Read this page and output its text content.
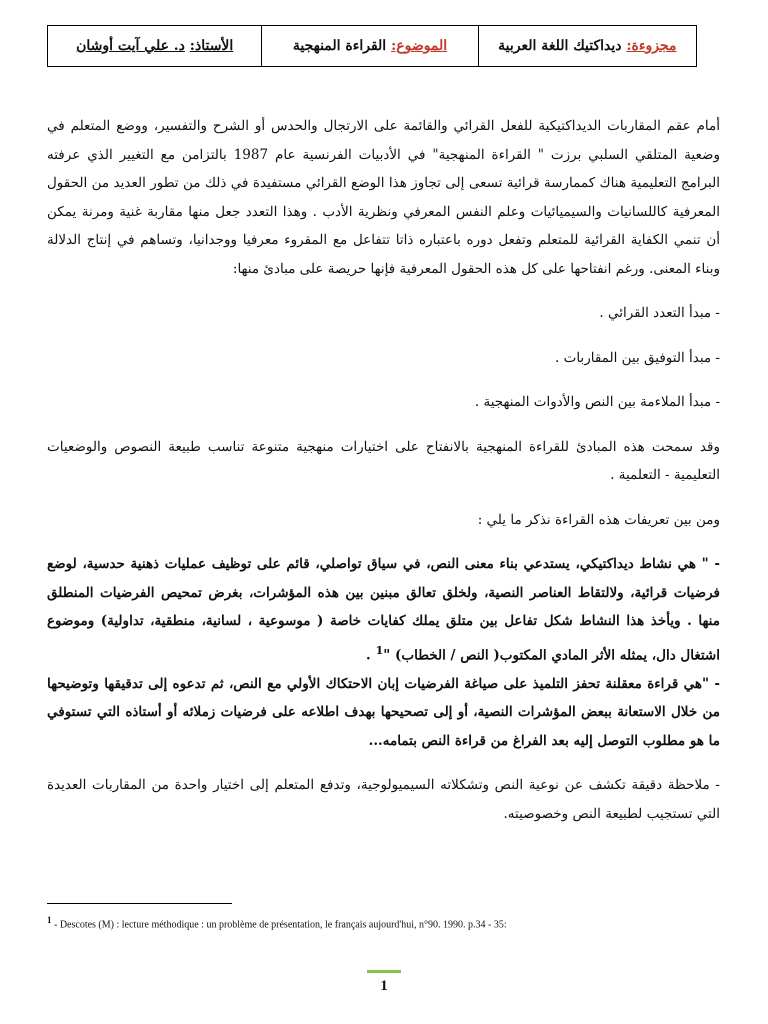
مجزوءة:

ديداكتيك اللغة العربية
الموضوع:

القراءة المنهجية
الأستاذ:

د. علي آيت أوشان

أمام عقم المقاربات الديداكتيكية للفعل القرائي والقائمة على الارتجال والحدس أو الشرح والتفسير، ووضع المتعلم في وضعية المتلقي السلبي برزت " القراءة المنهجية" في الأدبيات الفرنسية عام 1987 بالتزامن مع التغيير الذي عرفته البرامج التعليمية هناك كممارسة قرائية تسعى إلى تجاوز هذا الوضع القرائي مستفيدة في ذلك من تطور العديد من الحقول المعرفية كاللسانيات والسيميائيات وعلم النفس المعرفي ونظرية الأدب . وهذا التعدد جعل منها مقاربة غنية ومرنة يمكن أن تنمي الكفاية القرائية للمتعلم وتفعل دوره باعتباره ذاتا تتفاعل مع المقروء معرفيا ووجدانيا، وتساهم في إنتاج الدلالة وبناء المعنى. ورغم انفتاحها على كل هذه الحقول المعرفية فإنها حريصة على مبادئ منها:

- مبدأ التعدد القرائي .

- مبدأ التوفيق بين المقاربات .

- مبدأ الملاءمة بين النص والأدوات المنهجية .

وقد سمحت هذه المبادئ للقراءة المنهجية بالانفتاح على اختيارات منهجية متنوعة تناسب طبيعة النصوص والوضعيات التعليمية - التعلمية .

ومن بين تعريفات هذه القراءة نذكر ما يلي :

- " هي نشاط ديداكتيكي، يستدعي بناء معنى النص، في سياق تواصلي، قائم على توظيف عمليات ذهنية حدسية، لوضع فرضيات قرائية، ولالتقاط العناصر النصية، ولخلق تعالق مبنين بين هذه المؤشرات، بغرض تمحيص الفرضيات المنطلق منها . ويأخذ هذا النشاط شكل تفاعل بين متلق يملك كفايات خاصة ( موسوعية ، لسانية، منطقية، تداولية) وموضوع اشتغال دال، يمثله الأثر المادي المكتوب( النص / الخطاب) "$^1$ .

- "هي قراءة معقلنة تحفز التلميذ على صياغة الفرضيات إبان الاحتكاك الأولي مع النص، ثم تدعوه إلى تدقيقها وتوضيحها من خلال الاستعانة ببعض المؤشرات النصية، أو إلى تصحيحها بهدف اطلاعه على فرضيات زملائه أو أستاذه التي تستوفي ما هو مطلوب التوصل إليه بعد الفراغ من قراءة النص بتمامه...

- ملاحظة دقيقة تكشف عن نوعية النص وتشكلاته السيميولوجية، وتدفع المتعلم إلى اختيار واحدة من المقاربات العديدة التي تستجيب لطبيعة النص وخصوصيته.

$^1$ - Descotes (M) : lecture méthodique : un problème de présentation, le français aujourd'hui, n°90. 1990. p.34 - 35:
1
